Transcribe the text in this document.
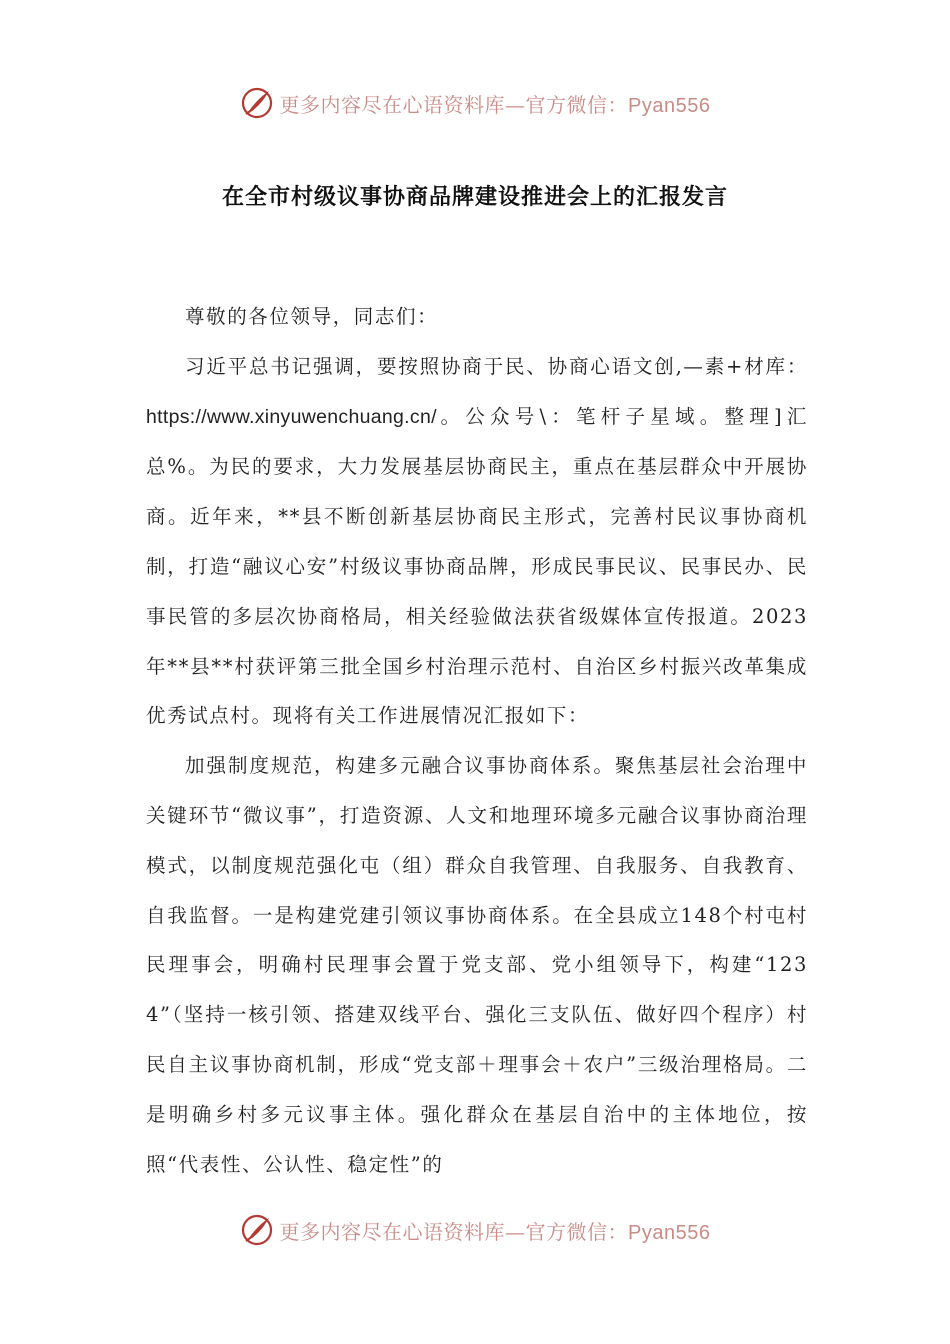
更多内容尽在心语资料库—官方微信：Pyan556
在全市村级议事协商品牌建设推进会上的汇报发言

尊敬的各位领导，同志们：

习近平总书记强调，要按照协商于民、协商心语文创,—素+材库：https://www.xinyuwenchuang.cn/。公众号\：笔杆子星域。整理]汇总%。为民的要求，大力发展基层协商民主，重点在基层群众中开展协商。近年来，**县不断创新基层协商民主形式，完善村民议事协商机制，打造“融议心安”村级议事协商品牌，形成民事民议、民事民办、民事民管的多层次协商格局，相关经验做法获省级媒体宣传报道。2023年**县**村获评第三批全国乡村治理示范村、自治区乡村振兴改革集成优秀试点村。现将有关工作进展情况汇报如下：

加强制度规范，构建多元融合议事协商体系。聚焦基层社会治理中关键环节“微议事”，打造资源、人文和地理环境多元融合议事协商治理模式，以制度规范强化屯（组）群众自我管理、自我服务、自我教育、自我监督。一是构建党建引领议事协商体系。在全县成立148个村屯村民理事会，明确村民理事会置于党支部、党小组领导下，构建“1234”（坚持一核引领、搭建双线平台、强化三支队伍、做好四个程序）村民自主议事协商机制，形成“党支部＋理事会＋农户”三级治理格局。二是明确乡村多元议事主体。强化群众在基层自治中的主体地位，按照“代表性、公认性、稳定性”的

更多内容尽在心语资料库—官方微信：Pyan556
